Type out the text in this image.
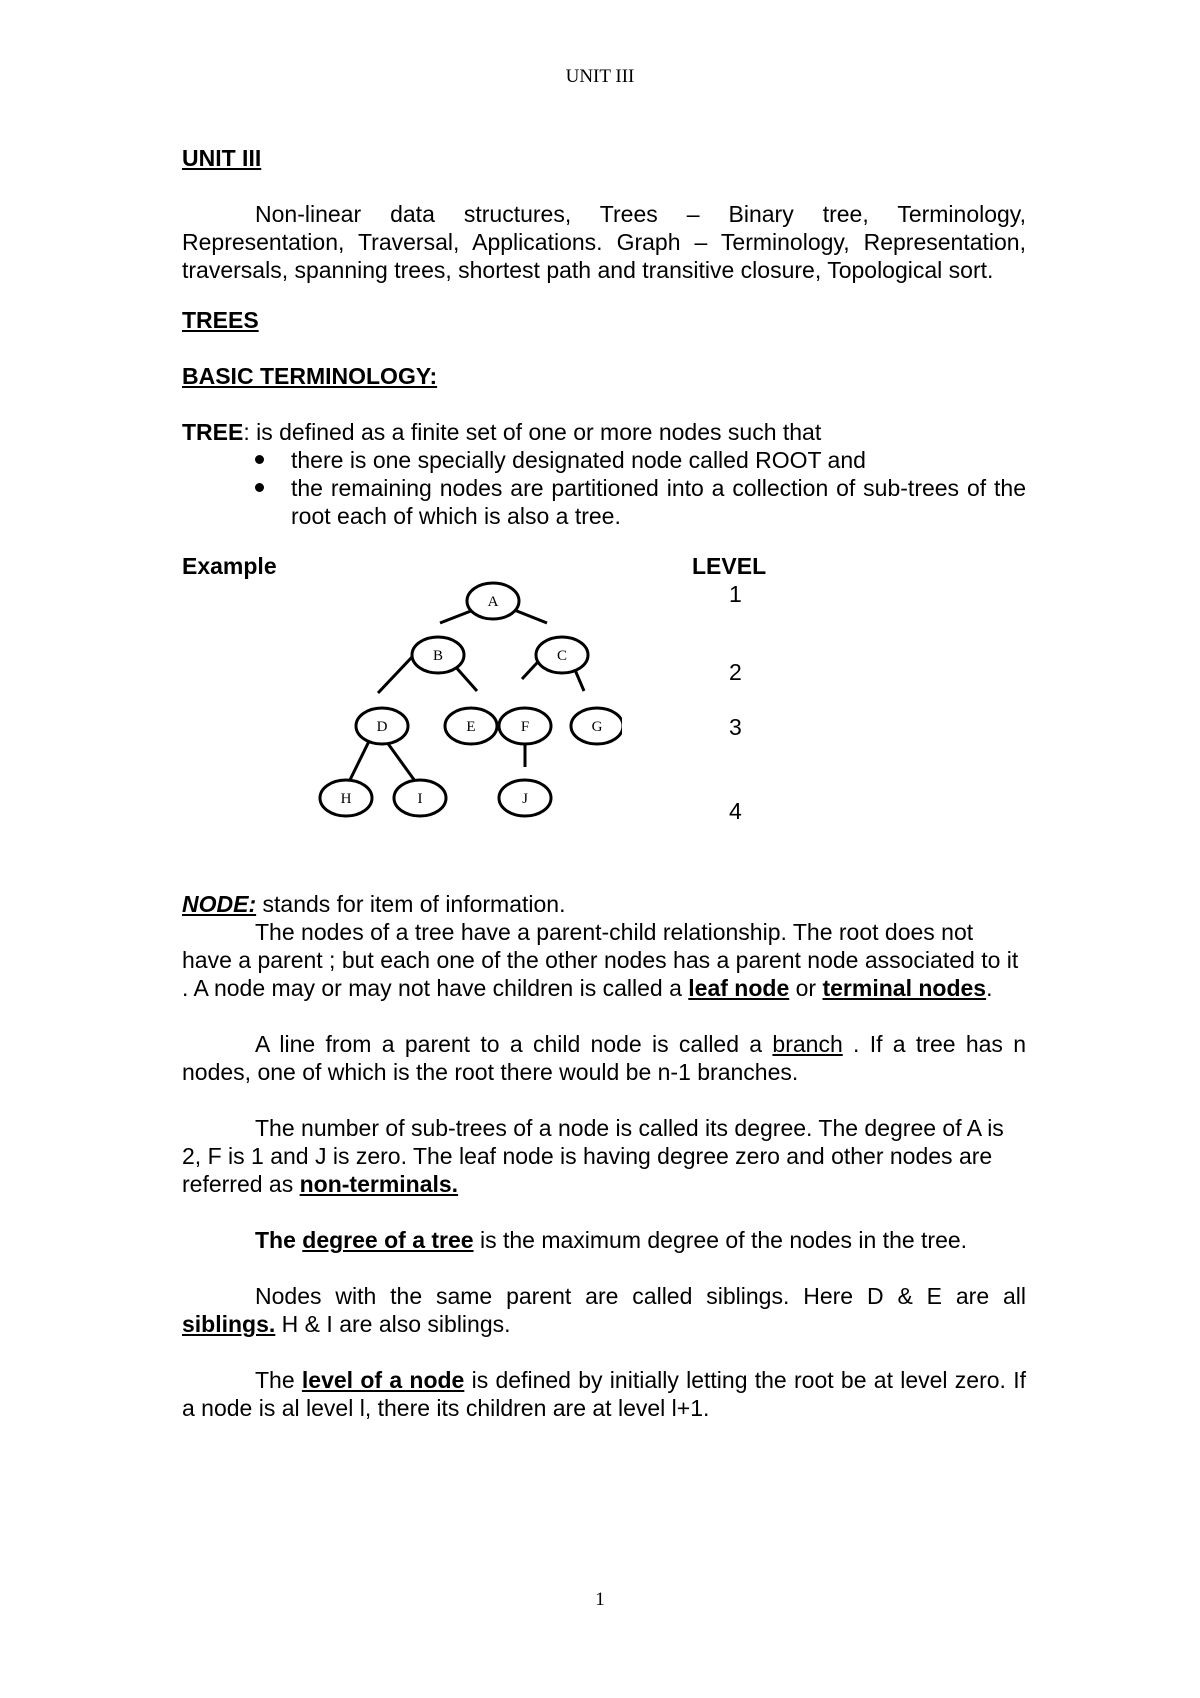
UNIT III

UNIT III

Non-linear data structures, Trees – Binary tree, Terminology, Representation, Traversal, Applications. Graph – Terminology, Representation, traversals, spanning trees, shortest path and transitive closure, Topological sort.

TREES

BASIC TERMINOLOGY:

TREE: is defined as a finite set of one or more nodes such that

there is one specially designated node called ROOT and
the remaining nodes are partitioned into a collection of sub-trees of the root each of which is also a tree.
Example	LEVEL
1
2
3
4
A
B	C
D	E	F	G
H	I	J

NODE: stands for item of information.

The nodes of a tree have a parent-child relationship. The root does not have a parent ; but each one of the other nodes has a parent node associated to it . A node may or may not have children is called a leaf node or terminal nodes.

A line from a parent to a child node is called a branch . If a tree has n nodes, one of which is the root there would be n-1 branches.

The number of sub-trees of a node is called its degree. The degree of A is 2, F is 1 and J is zero. The leaf node is having degree zero and other nodes are referred as non-terminals.

The degree of a tree is the maximum degree of the nodes in the tree.

Nodes with the same parent are called siblings. Here D & E are all siblings. H & I are also siblings.

The level of a node is defined by initially letting the root be at level zero. If a node is al level l, there its children are at level l+1.

1
